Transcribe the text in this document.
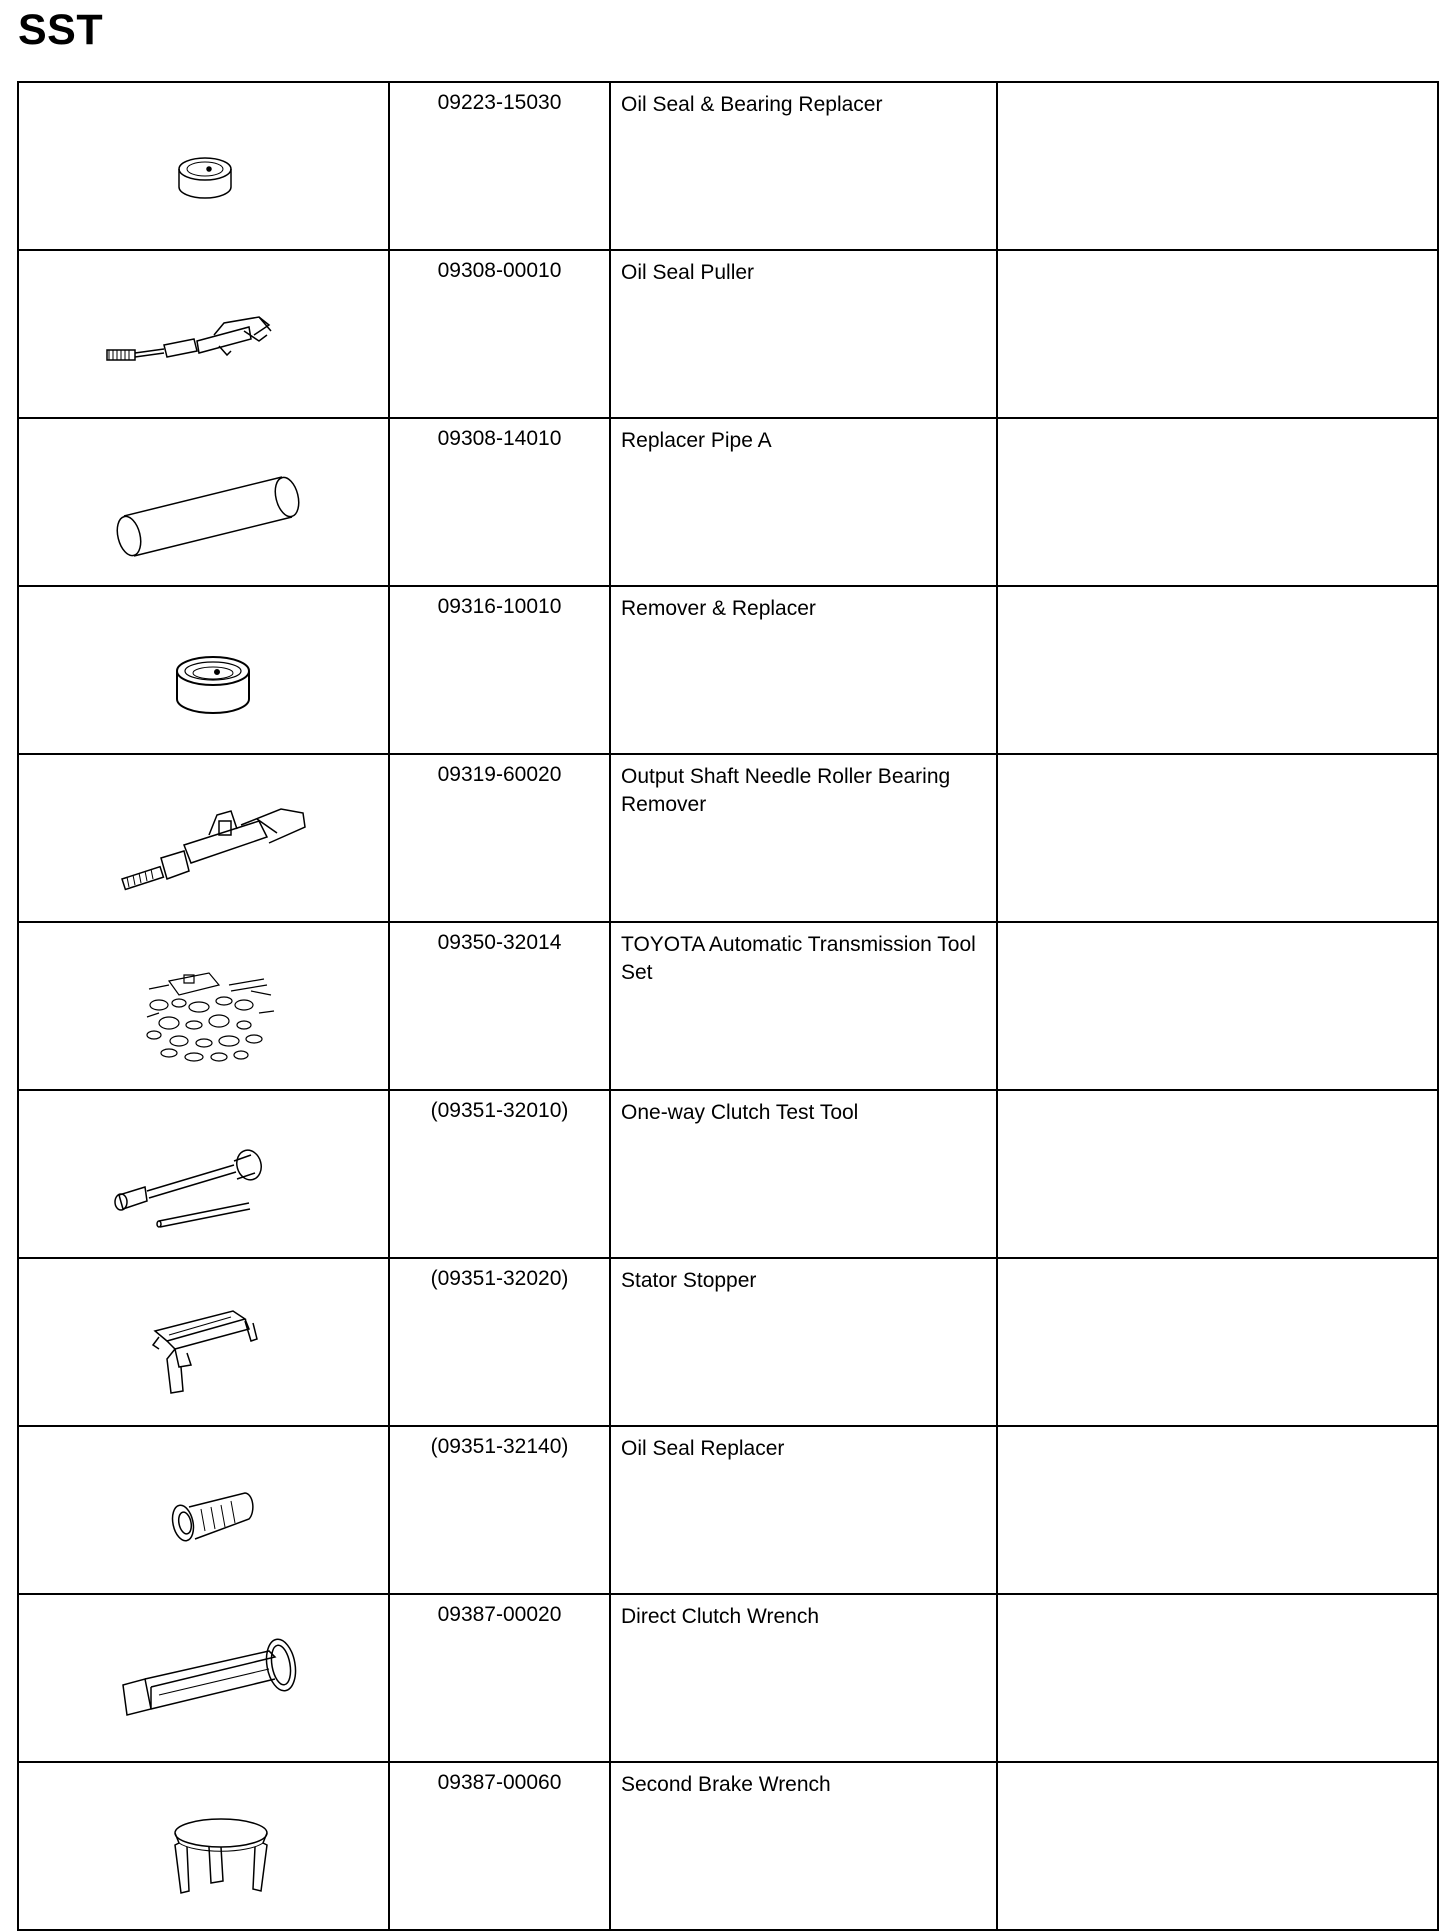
SST
	09223-15030	Oil Seal & Bearing Replacer	

	09308-00010	Oil Seal Puller	

	09308-14010	Replacer Pipe A	

	09316-10010	Remover & Replacer	

	09319-60020	Output Shaft Needle Roller Bearing Remover	

	09350-32014	TOYOTA Automatic Transmission Tool Set	

	(09351-32010)	One-way Clutch Test Tool	

	(09351-32020)	Stator Stopper	

	(09351-32140)	Oil Seal Replacer	

	09387-00020	Direct Clutch Wrench	

	09387-00060	Second Brake Wrench	
